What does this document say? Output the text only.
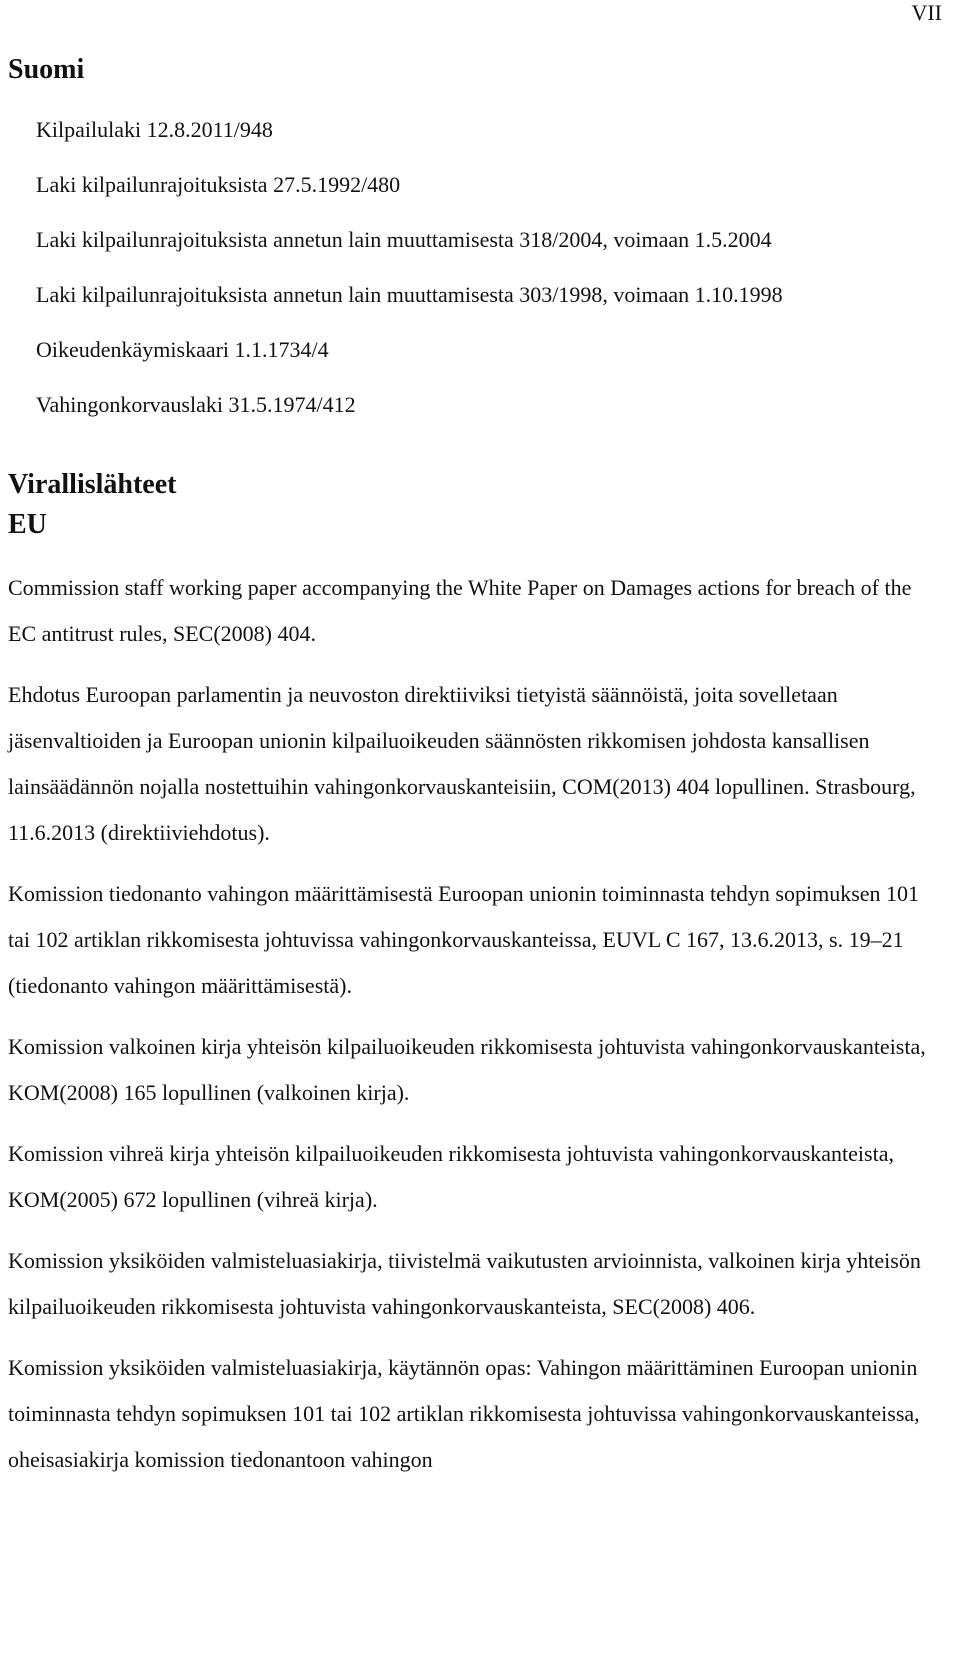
VII
Suomi
Kilpailulaki 12.8.2011/948
Laki kilpailunrajoituksista 27.5.1992/480
Laki kilpailunrajoituksista annetun lain muuttamisesta 318/2004, voimaan 1.5.2004
Laki kilpailunrajoituksista annetun lain muuttamisesta 303/1998, voimaan 1.10.1998
Oikeudenkäymiskaari 1.1.1734/4
Vahingonkorvauslaki 31.5.1974/412
Virallislähteet
EU
Commission staff working paper accompanying the White Paper on Damages actions for breach of the EC antitrust rules, SEC(2008) 404.
Ehdotus Euroopan parlamentin ja neuvoston direktiiviksi tietyistä säännöistä, joita sovelletaan jäsenvaltioiden ja Euroopan unionin kilpailuoikeuden säännösten rikkomisen johdosta kansallisen lainsäädännön nojalla nostettuihin vahingonkorvauskanteisiin, COM(2013) 404 lopullinen. Strasbourg, 11.6.2013 (direktiiviehdotus).
Komission tiedonanto vahingon määrittämisestä Euroopan unionin toiminnasta tehdyn sopimuksen 101 tai 102 artiklan rikkomisesta johtuvissa vahingonkorvauskanteissa, EUVL C 167, 13.6.2013, s. 19–21 (tiedonanto vahingon määrittämisestä).
Komission valkoinen kirja yhteisön kilpailuoikeuden rikkomisesta johtuvista vahingonkorvauskanteista, KOM(2008) 165 lopullinen (valkoinen kirja).
Komission vihreä kirja yhteisön kilpailuoikeuden rikkomisesta johtuvista vahingonkorvauskanteista, KOM(2005) 672 lopullinen (vihreä kirja).
Komission yksiköiden valmisteluasiakirja, tiivistelmä vaikutusten arvioinnista, valkoinen kirja yhteisön kilpailuoikeuden rikkomisesta johtuvista vahingonkorvauskanteista, SEC(2008) 406.
Komission yksiköiden valmisteluasiakirja, käytännön opas: Vahingon määrittäminen Euroopan unionin toiminnasta tehdyn sopimuksen 101 tai 102 artiklan rikkomisesta johtuvissa vahingonkorvauskanteissa, oheisasiakirja komission tiedonantoon vahingon
